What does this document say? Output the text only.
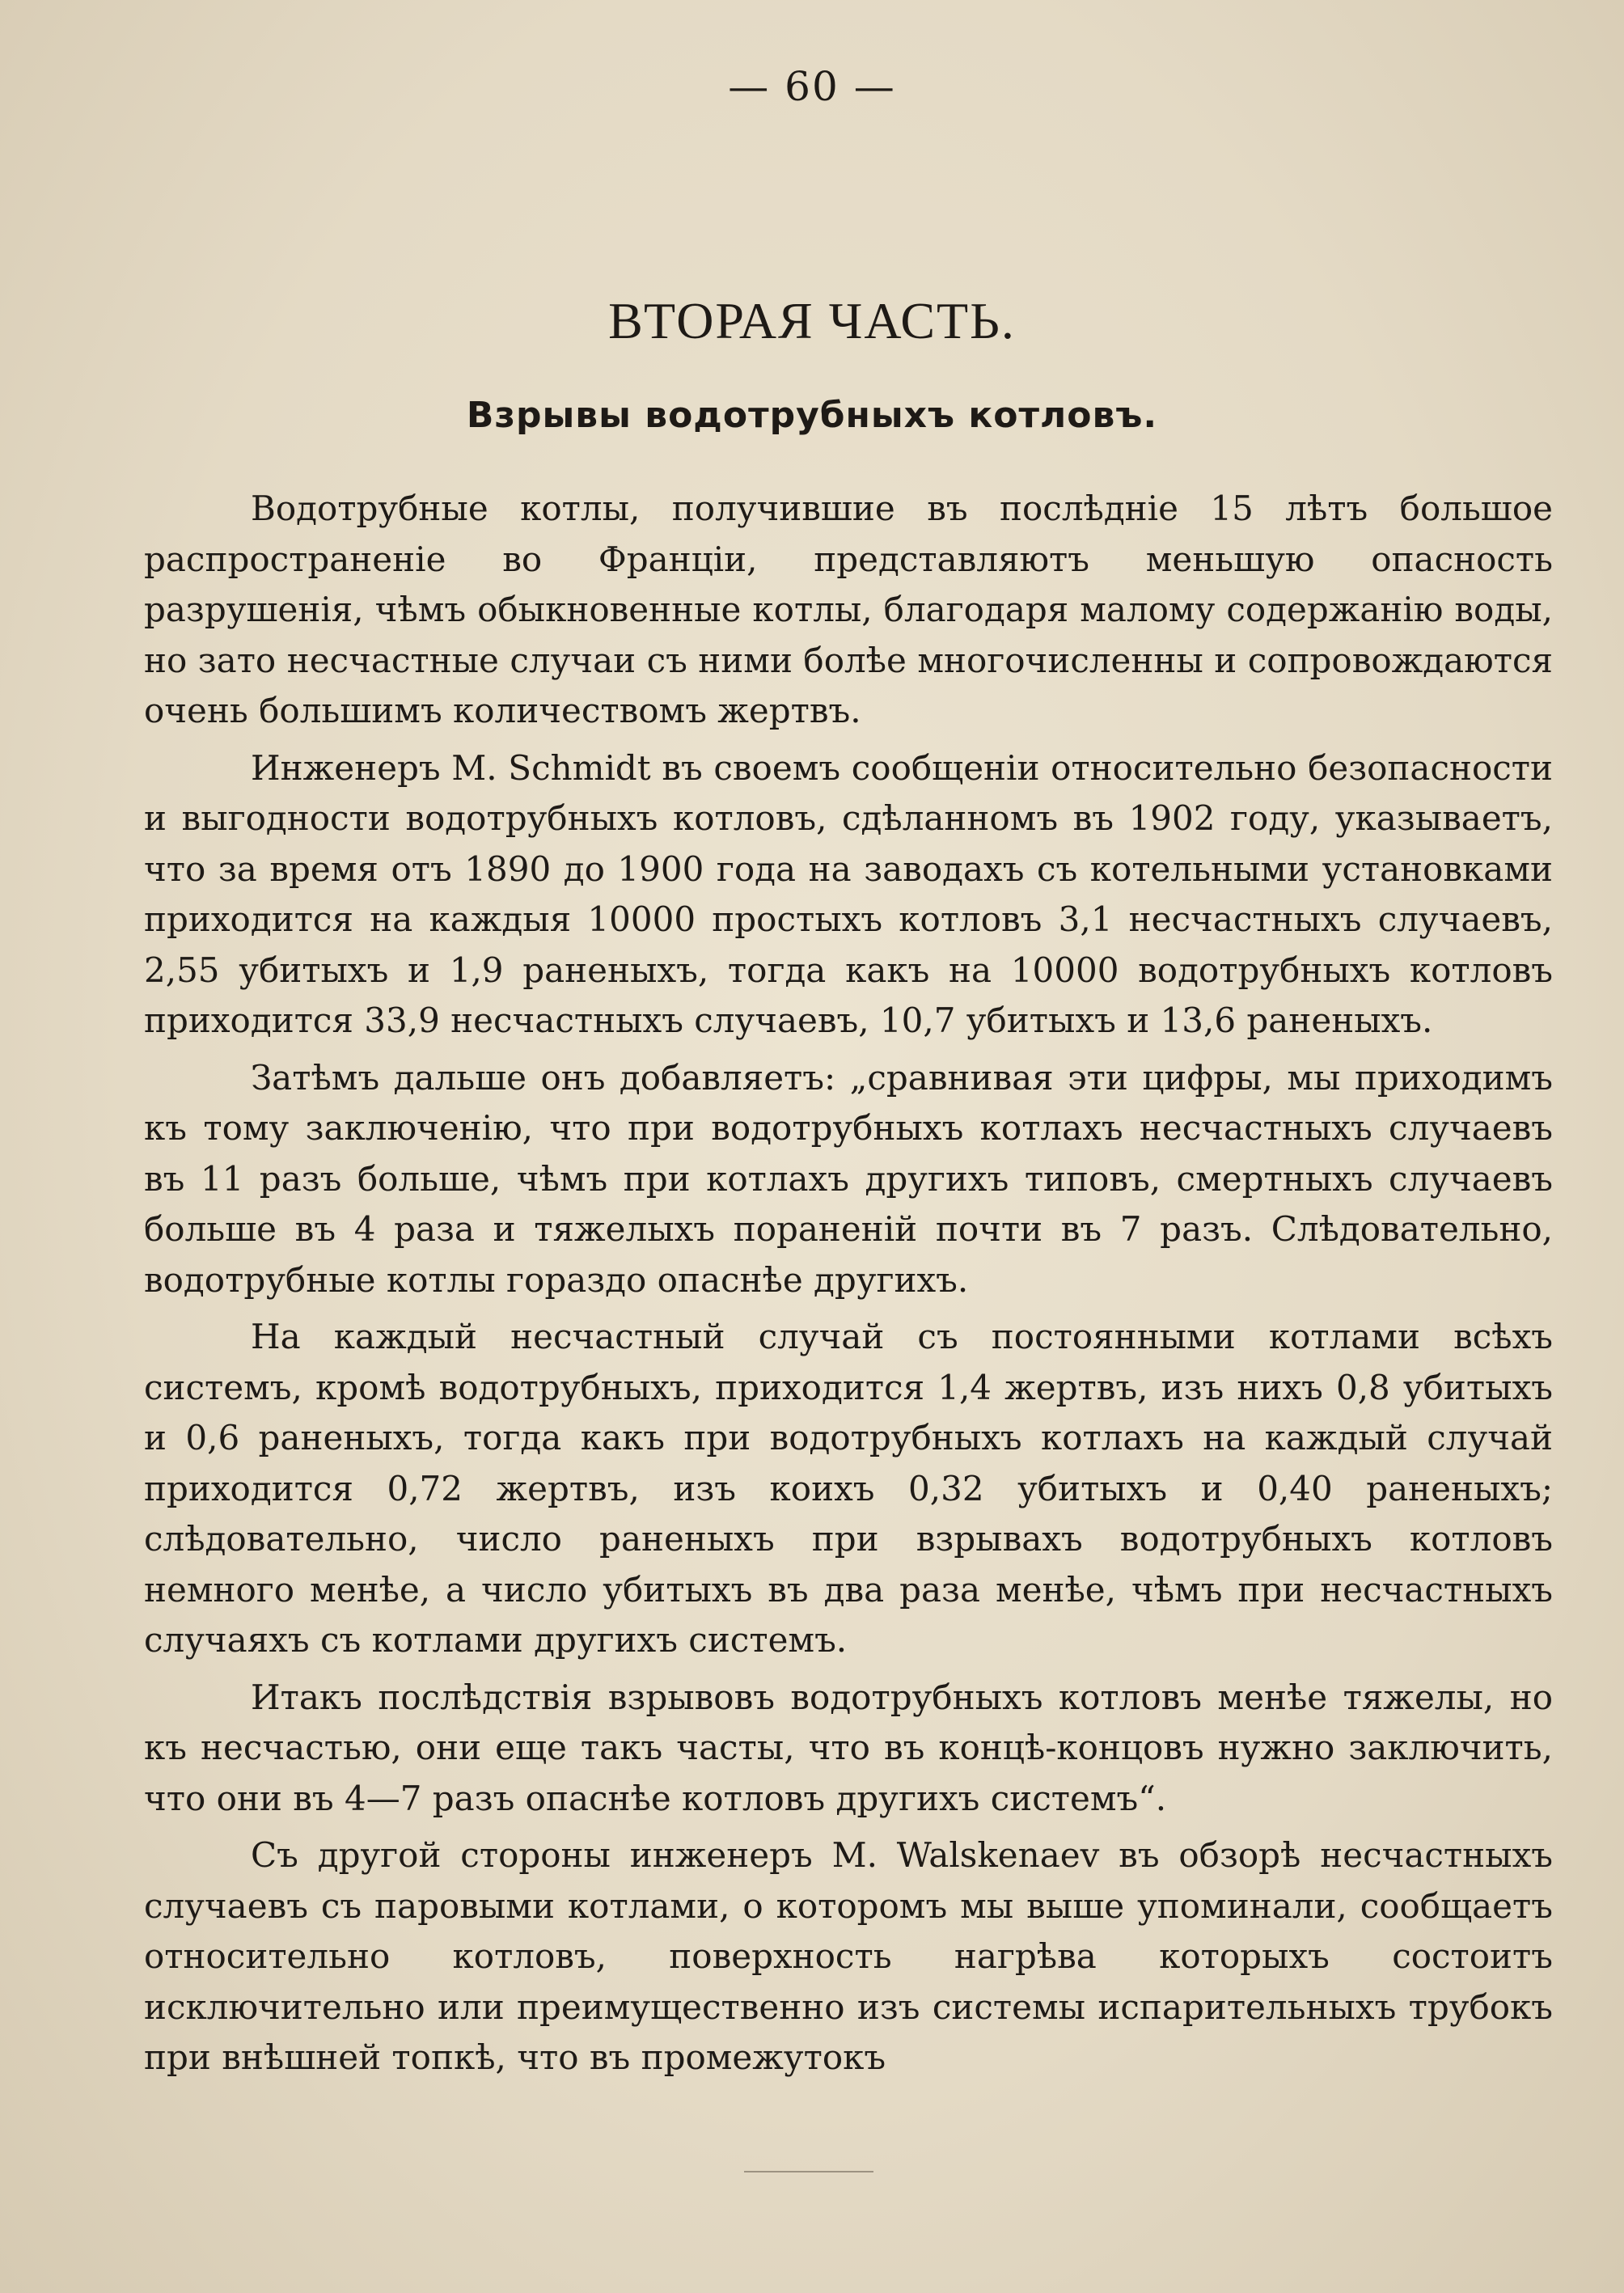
— 60 —
ВТОРАЯ ЧАСТЬ.
Взрывы водотрубныхъ котловъ.

Водотрубные котлы, получившие въ послѣдніе 15 лѣтъ большое распространеніе во Франціи, представляютъ меньшую опасность разрушенія, чѣмъ обыкновенные котлы, благодаря малому содержанію воды, но зато несчастные случаи съ ними болѣе многочисленны и сопровождаются очень большимъ количествомъ жертвъ.

Инженеръ M. Schmidt въ своемъ сообщеніи относительно безопасности и выгодности водотрубныхъ котловъ, сдѣланномъ въ 1902 году, указываетъ, что за время отъ 1890 до 1900 года на заводахъ съ котельными установками приходится на каждыя 10000 простыхъ котловъ 3,1 несчастныхъ случаевъ, 2,55 убитыхъ и 1,9 раненыхъ, тогда какъ на 10000 водотрубныхъ котловъ приходится 33,9 несчастныхъ случаевъ, 10,7 убитыхъ и 13,6 раненыхъ.

Затѣмъ дальше онъ добавляетъ: „сравнивая эти цифры, мы приходимъ къ тому заключенію, что при водотрубныхъ котлахъ несчастныхъ случаевъ въ 11 разъ больше, чѣмъ при котлахъ другихъ типовъ, смертныхъ случаевъ больше въ 4 раза и тяжелыхъ пораненій почти въ 7 разъ. Слѣдовательно, водотрубные котлы гораздо опаснѣе другихъ.

На каждый несчастный случай съ постоянными котлами всѣхъ системъ, кромѣ водотрубныхъ, приходится 1,4 жертвъ, изъ нихъ 0,8 убитыхъ и 0,6 раненыхъ, тогда какъ при водотрубныхъ котлахъ на каждый случай приходится 0,72 жертвъ, изъ коихъ 0,32 убитыхъ и 0,40 раненыхъ; слѣдовательно, число раненыхъ при взрывахъ водотрубныхъ котловъ немного менѣе, а число убитыхъ въ два раза менѣе, чѣмъ при несчастныхъ случаяхъ съ котлами другихъ системъ.

Итакъ послѣдствія взрывовъ водотрубныхъ котловъ менѣе тяжелы, но къ несчастью, они еще такъ часты, что въ концѣ-концовъ нужно заключить, что они въ 4—7 разъ опаснѣе котловъ другихъ системъ“.

Съ другой стороны инженеръ M. Walskenaev въ обзорѣ несчастныхъ случаевъ съ паровыми котлами, о которомъ мы выше упоминали, сообщаетъ относительно котловъ, поверхность нагрѣва которыхъ состоитъ исключительно или преимущественно изъ системы испарительныхъ трубокъ при внѣшней топкѣ, что въ промежутокъ
